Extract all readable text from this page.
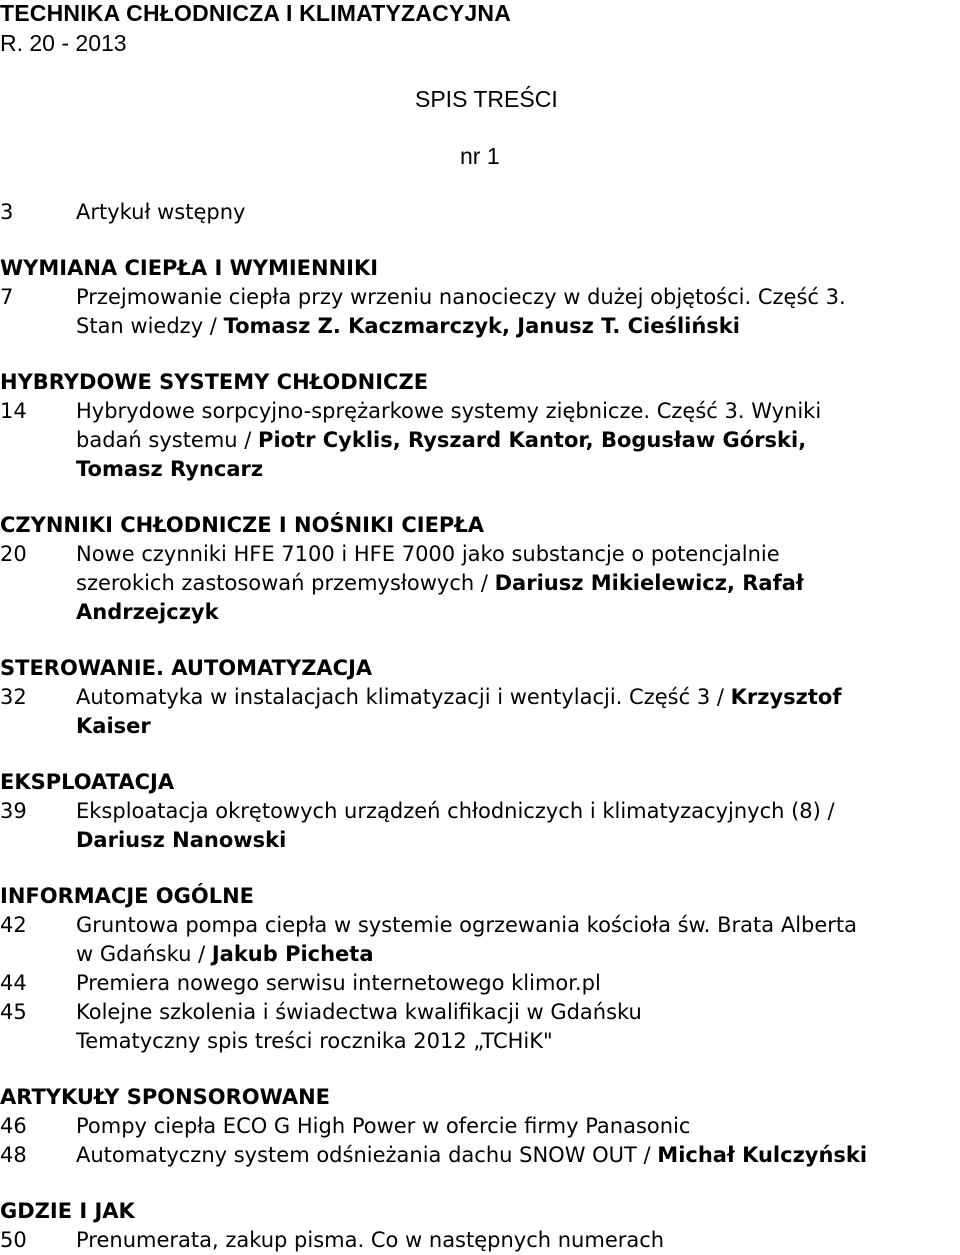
TECHNIKA CHŁODNICZA I KLIMATYZACYJNA
R. 20 - 2013
SPIS TREŚCI
nr 1
3	Artykuł wstępny
WYMIANA CIEPŁA I WYMIENNIKI
7	Przejmowanie ciepła przy wrzeniu nanocieczy w dużej objętości. Część 3.
Stan wiedzy / Tomasz Z. Kaczmarczyk, Janusz T. Cieśliński
HYBRYDOWE SYSTEMY CHŁODNICZE
14	Hybrydowe sorpcyjno-sprężarkowe systemy ziębnicze. Część 3. Wyniki
badań systemu / Piotr Cyklis, Ryszard Kantor, Bogusław Górski,
Tomasz Ryncarz
CZYNNIKI CHŁODNICZE I NOŚNIKI CIEPŁA
20	Nowe czynniki HFE 7100 i HFE 7000 jako substancje o potencjalnie
szerokich zastosowań przemysłowych / Dariusz Mikielewicz, Rafał
Andrzejczyk
STEROWANIE. AUTOMATYZACJA
32	Automatyka w instalacjach klimatyzacji i wentylacji. Część 3 / Krzysztof
Kaiser
EKSPLOATACJA
39	Eksploatacja okrętowych urządzeń chłodniczych i klimatyzacyjnych (8) /
Dariusz Nanowski
INFORMACJE OGÓLNE
42	Gruntowa pompa ciepła w systemie ogrzewania kościoła św. Brata Alberta
w Gdańsku / Jakub Picheta
44	Premiera nowego serwisu internetowego klimor.pl
45	Kolejne szkolenia i świadectwa kwalifikacji w Gdańsku
Tematyczny spis treści rocznika 2012 „TCHiK"
ARTYKUŁY SPONSOROWANE
46	Pompy ciepła ECO G High Power w ofercie firmy Panasonic
48	Automatyczny system odśnieżania dachu SNOW OUT / Michał Kulczyński
GDZIE I JAK
50	Prenumerata, zakup pisma. Co w następnych numerach
